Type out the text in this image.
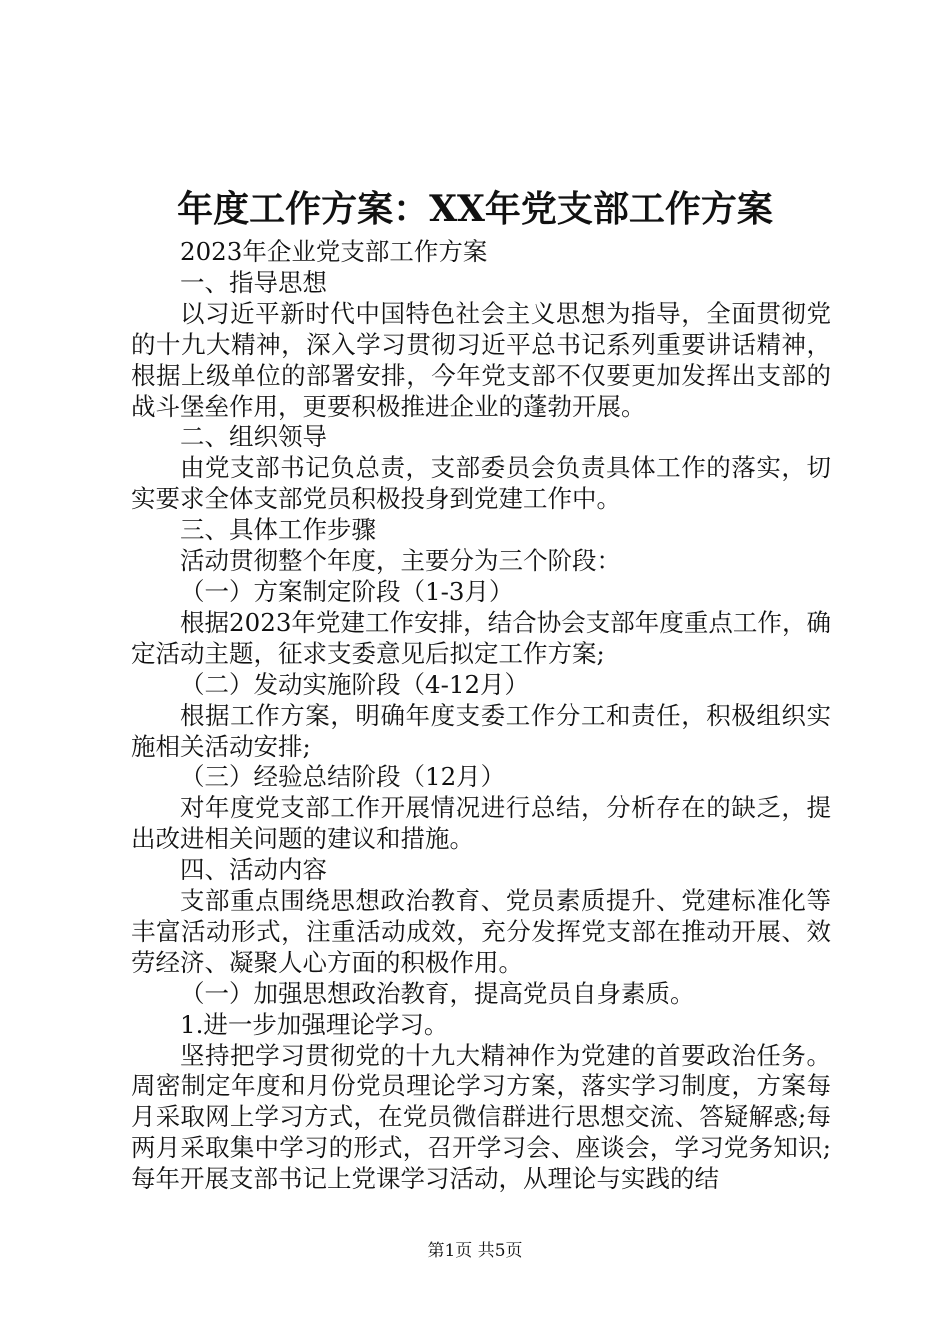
年度工作方案：XX年党支部工作方案

2023年企业党支部工作方案

一、指导思想

以习近平新时代中国特色社会主义思想为指导，全面贯彻党的十九大精神，深入学习贯彻习近平总书记系列重要讲话精神，根据上级单位的部署安排，今年党支部不仅要更加发挥出支部的战斗堡垒作用，更要积极推进企业的蓬勃开展。

二、组织领导

由党支部书记负总责，支部委员会负责具体工作的落实，切实要求全体支部党员积极投身到党建工作中。

三、具体工作步骤

活动贯彻整个年度，主要分为三个阶段：

（一）方案制定阶段（1-3月）

根据2023年党建工作安排，结合协会支部年度重点工作，确定活动主题，征求支委意见后拟定工作方案;

（二）发动实施阶段（4-12月）

根据工作方案，明确年度支委工作分工和责任，积极组织实施相关活动安排;

（三）经验总结阶段（12月）

对年度党支部工作开展情况进行总结，分析存在的缺乏，提出改进相关问题的建议和措施。

四、活动内容

支部重点围绕思想政治教育、党员素质提升、党建标准化等丰富活动形式，注重活动成效，充分发挥党支部在推动开展、效劳经济、凝聚人心方面的积极作用。

（一）加强思想政治教育，提高党员自身素质。

1.进一步加强理论学习。

坚持把学习贯彻党的十九大精神作为党建的首要政治任务。周密制定年度和月份党员理论学习方案，落实学习制度，方案每月采取网上学习方式，在党员微信群进行思想交流、答疑解惑;每两月采取集中学习的形式，召开学习会、座谈会，学习党务知识;每年开展支部书记上党课学习活动，从理论与实践的结

第1页 共5页
